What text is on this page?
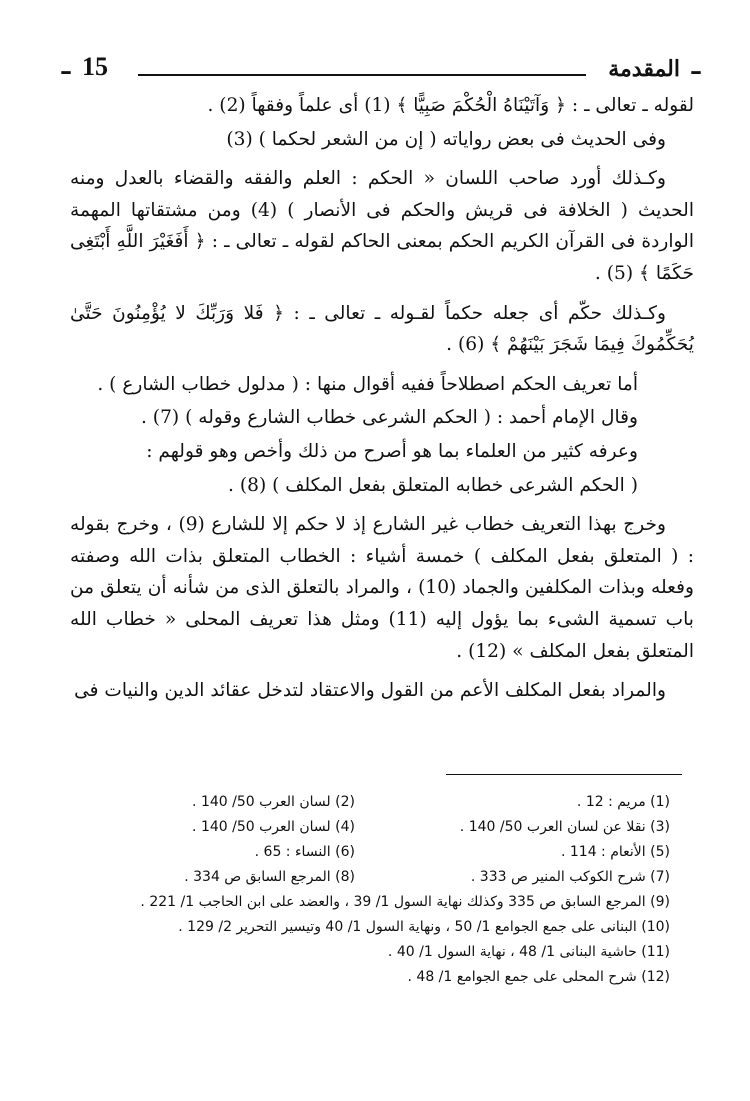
– 15	المقدمة –

لقوله ـ تعالى ـ : ﴿ وَآتَيْنَاهُ الْحُكْمَ صَبِيًّا ﴾ (1) أى علماً وفقهاً (2) .

وفى الحديث فى بعض رواياته ( إن من الشعر لحكما ) (3)

وكـذلك أورد صاحب اللسان « الحكم : العلم والفقه والقضاء بالعدل ومنه الحديث ( الخلافة فى قريش والحكم فى الأنصار ) (4) ومن مشتقاتها المهمة الواردة فى القرآن الكريم الحكم بمعنى الحاكم لقوله ـ تعالى ـ : ﴿ أَفَغَيْرَ اللَّهِ أَبْتَغِى حَكَمًا ﴾ (5) .

وكـذلك حكّم أى جعله حكماً لقـوله ـ تعالى ـ : ﴿ فَلا وَرَبِّكَ لا يُؤْمِنُونَ حَتَّىٰ يُحَكِّمُوكَ فِيمَا شَجَرَ بَيْنَهُمْ ﴾ (6) .

أما تعريف الحكم اصطلاحاً ففيه أقوال منها : ( مدلول خطاب الشارع ) .

وقال الإمام أحمد : ( الحكم الشرعى خطاب الشارع وقوله ) (7) .

وعرفه كثير من العلماء بما هو أصرح من ذلك وأخص وهو قولهم :

( الحكم الشرعى خطابه المتعلق بفعل المكلف ) (8) .

وخرج بهذا التعريف خطاب غير الشارع إذ لا حكم إلا للشارع (9) ، وخرج بقوله : ( المتعلق بفعل المكلف ) خمسة أشياء : الخطاب المتعلق بذات الله وصفته وفعله وبذات المكلفين والجماد (10) ، والمراد بالتعلق الذى من شأنه أن يتعلق من باب تسمية الشىء بما يؤول إليه (11) ومثل هذا تعريف المحلى « خطاب الله المتعلق بفعل المكلف » (12) .

والمراد بفعل المكلف الأعم من القول والاعتقاد لتدخل عقائد الدين والنيات فى

(1) مريم : 12 .
(2) لسان العرب 50/ 140 .
(3) نقلا عن لسان العرب 50/ 140 .
(4) لسان العرب 50/ 140 .
(5) الأنعام : 114 .
(6) النساء : 65 .
(7) شرح الكوكب المنير ص 333 .
(8) المرجع السابق ص 334 .
(9) المرجع السابق ص 335 وكذلك نهاية السول 1/ 39 ، والعضد على ابن الحاجب 1/ 221 .
(10) البنانى على جمع الجوامع 1/ 50 ، ونهاية السول 1/ 40 وتيسير التحرير 2/ 129 .
(11) حاشية البنانى 1/ 48 ، نهاية السول 1/ 40 .
(12) شرح المحلى على جمع الجوامع 1/ 48 .
